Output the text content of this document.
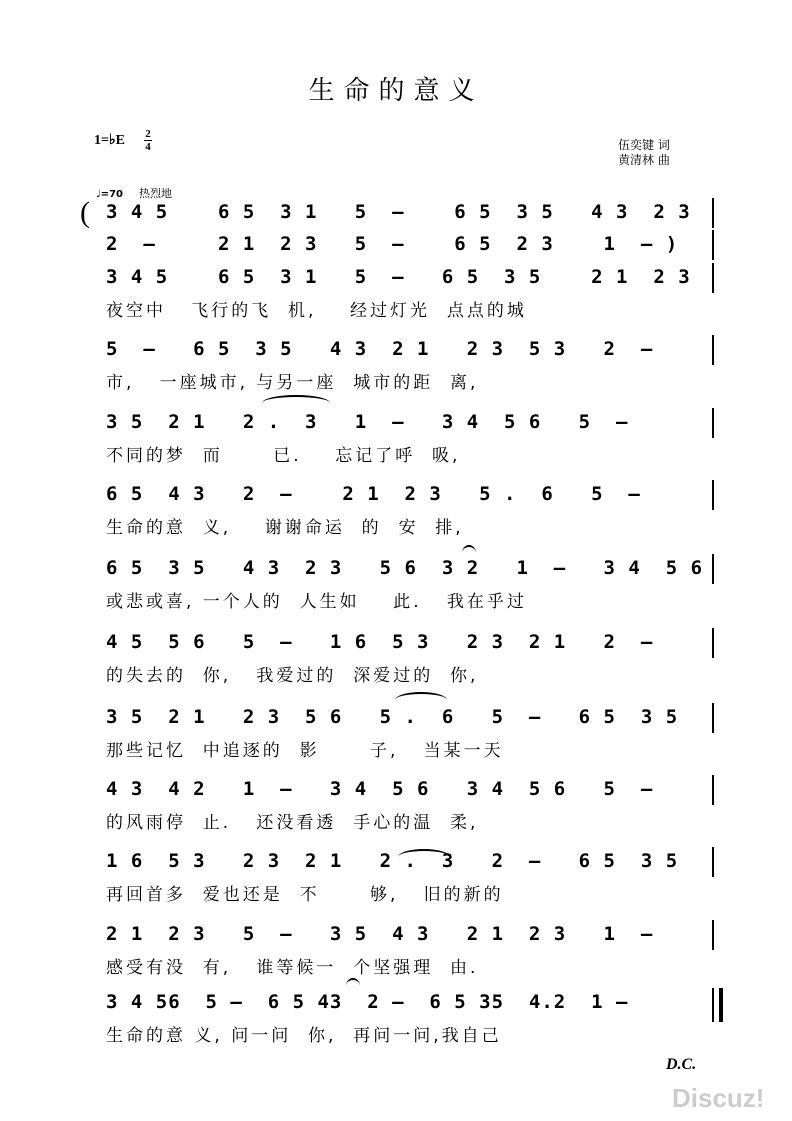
生命的意义
1=♭E 2
4	伍奕键 词
黄清林 曲
♩=70 热烈地
( 3 4 5    6 5  3 1   5  –    6 5  3 5   4 3  2 3
2  –     2 1  2 3   5  –    6 5  2 3    1  – )
3 4 5    6 5  3 1   5  –   6 5  3 5    2 1  2 3
夜空中   飞行的飞  机,    经过灯光  点点的城
5  –   6 5  3 5   4 3  2 1   2 3  5 3   2  –
市,   一座城市, 与另一座  城市的距  离,
3 5  2 1   2 .  3   1  –   3 4  5 6   5  –
不同的梦  而      已.    忘记了呼  吸,
6 5  4 3   2  –    2 1  2 3   5 .  6   5  –
生命的意  义,    谢谢命运  的  安  排,
6 5  3 5   4 3  2 3   5 6  3 2   1  –   3 4  5 6
或悲或喜, 一个人的  人生如    此.   我在乎过
4 5  5 6   5  –   1 6  5 3   2 3  2 1   2  –
的失去的  你,   我爱过的  深爱过的  你,
3 5  2 1   2 3  5 6   5 .  6   5  –   6 5  3 5
那些记忆  中追逐的  影      子,   当某一天
4 3  4 2   1  –   3 4  5 6   3 4  5 6   5  –
的风雨停  止.   还没看透  手心的温  柔,
1 6  5 3   2 3  2 1   2 .  3   2  –   6 5  3 5
再回首多  爱也还是  不      够,   旧的新的
2 1  2 3   5  –   3 5  4 3   2 1  2 3   1  –
感受有没  有,   谁等候一  个坚强理  由.
3 4 56  5 –  6 5 43  2 –  6 5 35  4.2  1 –
生命的意 义, 问一问  你,  再问一问,我自己
D.C.
Discuz!
